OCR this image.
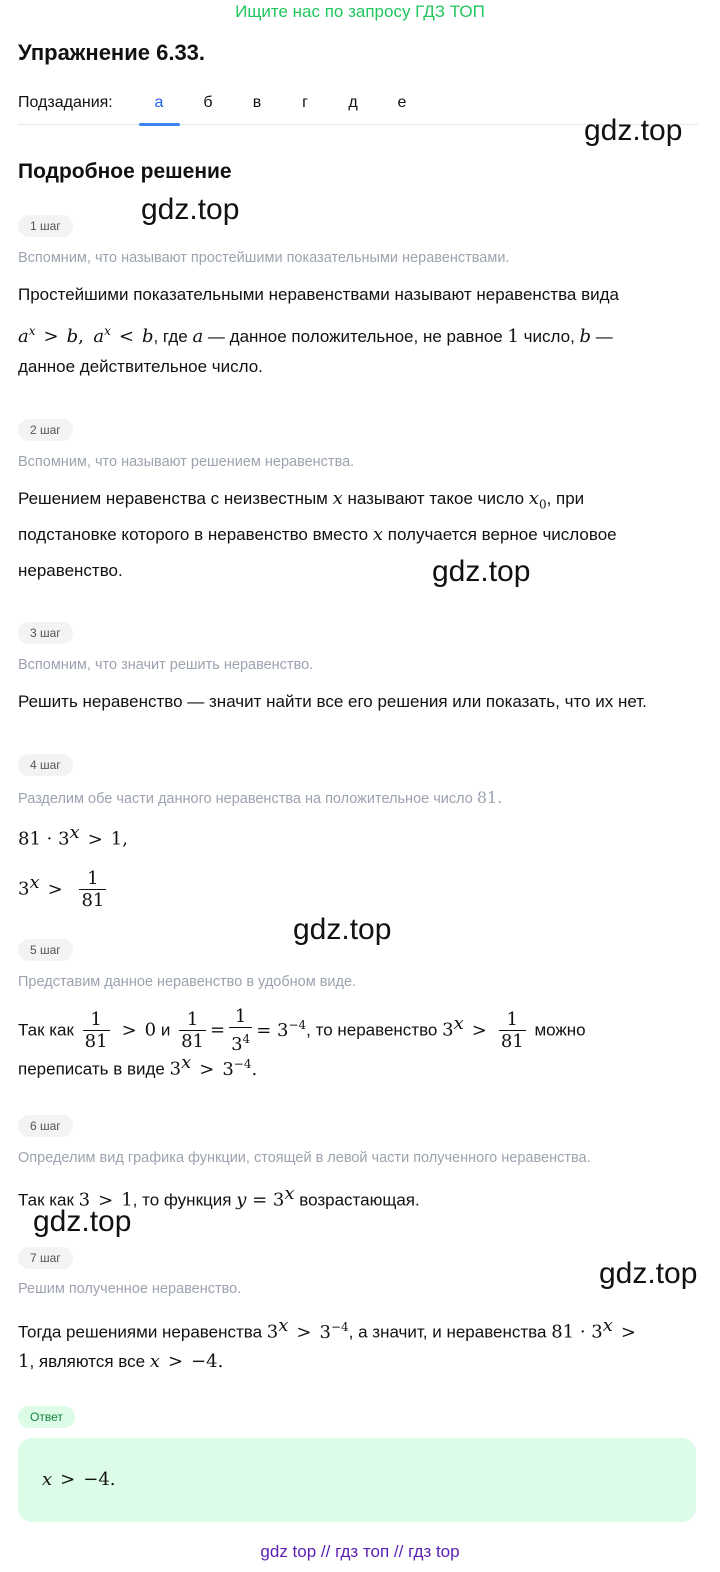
Ищите нас по запросу ГДЗ ТОП
Упражнение 6.33.
Подзадания:	а	б	в	г	д	е
gdz.top
Подробное решение
gdz.top
1 шаг
Вспомним, что называют простейшими показательными неравенствами.
Простейшими показательными неравенствами называют неравенства вида
$a^x > b$, $a^x < b$, где a — данное положительное, не равное 1 число, b —
данное действительное число.
2 шаг
Вспомним, что называют решением неравенства.
Решением неравенства с неизвестным x называют такое число $x_0$, при
подстановке которого в неравенство вместо x получается верное числовое
неравенство.	gdz.top
3 шаг
Вспомним, что значит решить неравенство.
Решить неравенство — значит найти все его решения или показать, что их нет.
4 шаг
Разделим обе части данного неравенства на положительное число 81.
$81 \cdot 3^x > 1$,
$3^x > \frac{1}{81}$
gdz.top
5 шаг
Представим данное неравенство в удобном виде.
Так как $\frac{1}{81} > 0$ и $\frac{1}{81} = \frac{1}{3^4} = 3^{-4}$, то неравенство $3^x > \frac{1}{81}$ можно
переписать в виде $3^x > 3^{-4}$.
6 шаг
Определим вид графика функции, стоящей в левой части полученного неравенства.
Так как 3 > 1, то функция $y = 3^x$ возрастающая.
gdz.top
7 шаг	gdz.top
Решим полученное неравенство.
Тогда решениями неравенства $3^x > 3^{-4}$, а значит, и неравенства $81 \cdot 3^x$ >
1, являются все x > −4.
Ответ
x > −4.
gdz top // гдз топ // гдз top
